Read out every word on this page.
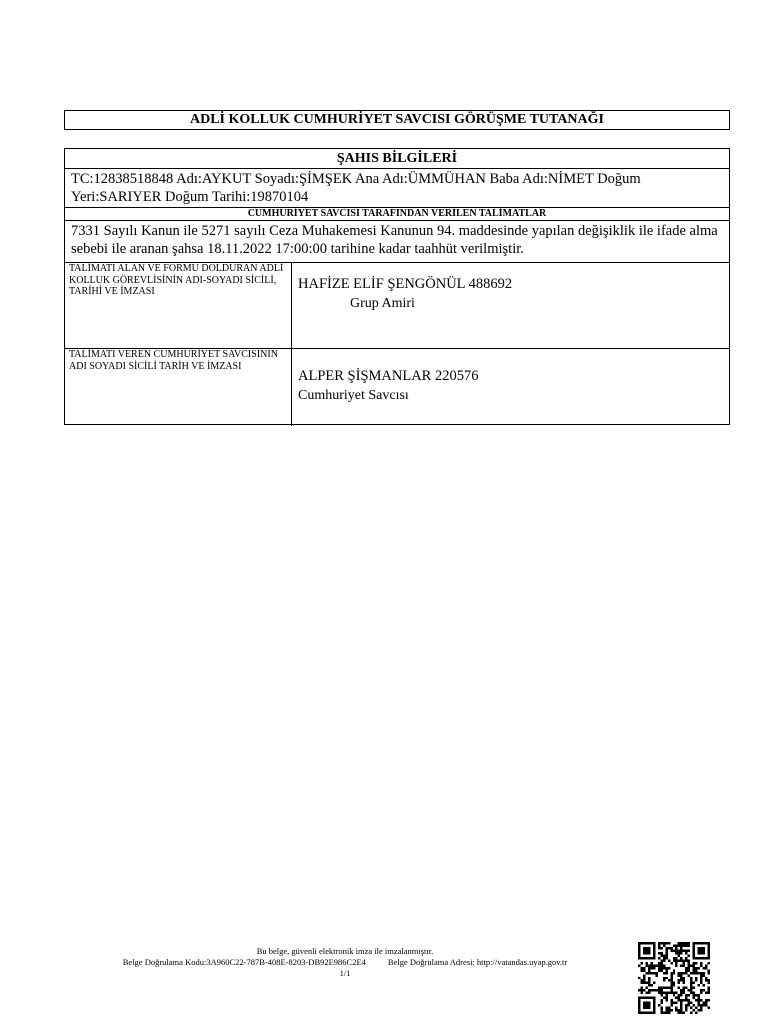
ADLİ KOLLUK CUMHURİYET SAVCISI GÖRÜŞME TUTANAĞI
ŞAHIS BİLGİLERİ
TC:12838518848 Adı:AYKUT Soyadı:ŞİMŞEK Ana Adı:ÜMMÜHAN Baba Adı:NİMET Doğum Yeri:SARIYER Doğum Tarihi:19870104
CUMHURİYET SAVCISI TARAFINDAN VERİLEN TALİMATLAR
7331 Sayılı Kanun ile 5271 sayılı Ceza Muhakemesi Kanunun 94. maddesinde yapılan değişiklik ile ifade alma sebebi ile aranan şahsa 18.11.2022 17:00:00 tarihine kadar taahhüt verilmiştir.
TALİMATI ALAN VE FORMU DOLDURAN ADLİ KOLLUK GÖREVLİSİNİN ADI-SOYADI SİCİLİ, TARİHİ VE İMZASI	HAFİZE ELİF ŞENGÖNÜL 488692
Grup Amiri
TALİMATI VEREN CUMHURİYET SAVCISININ ADI SOYADI SİCİLİ TARİH VE İMZASI
ALPER ŞİŞMANLAR 220576
Cumhuriyet Savcısı
Bu belge, güvenli elektronik imza ile imzalanmıştır.
Belge Doğrulama Kodu:3A960C22-787B-408E-8203-DB92E986C2E4	Belge Doğrulama Adresi: http://vatandas.uyap.gov.tr
1/1
